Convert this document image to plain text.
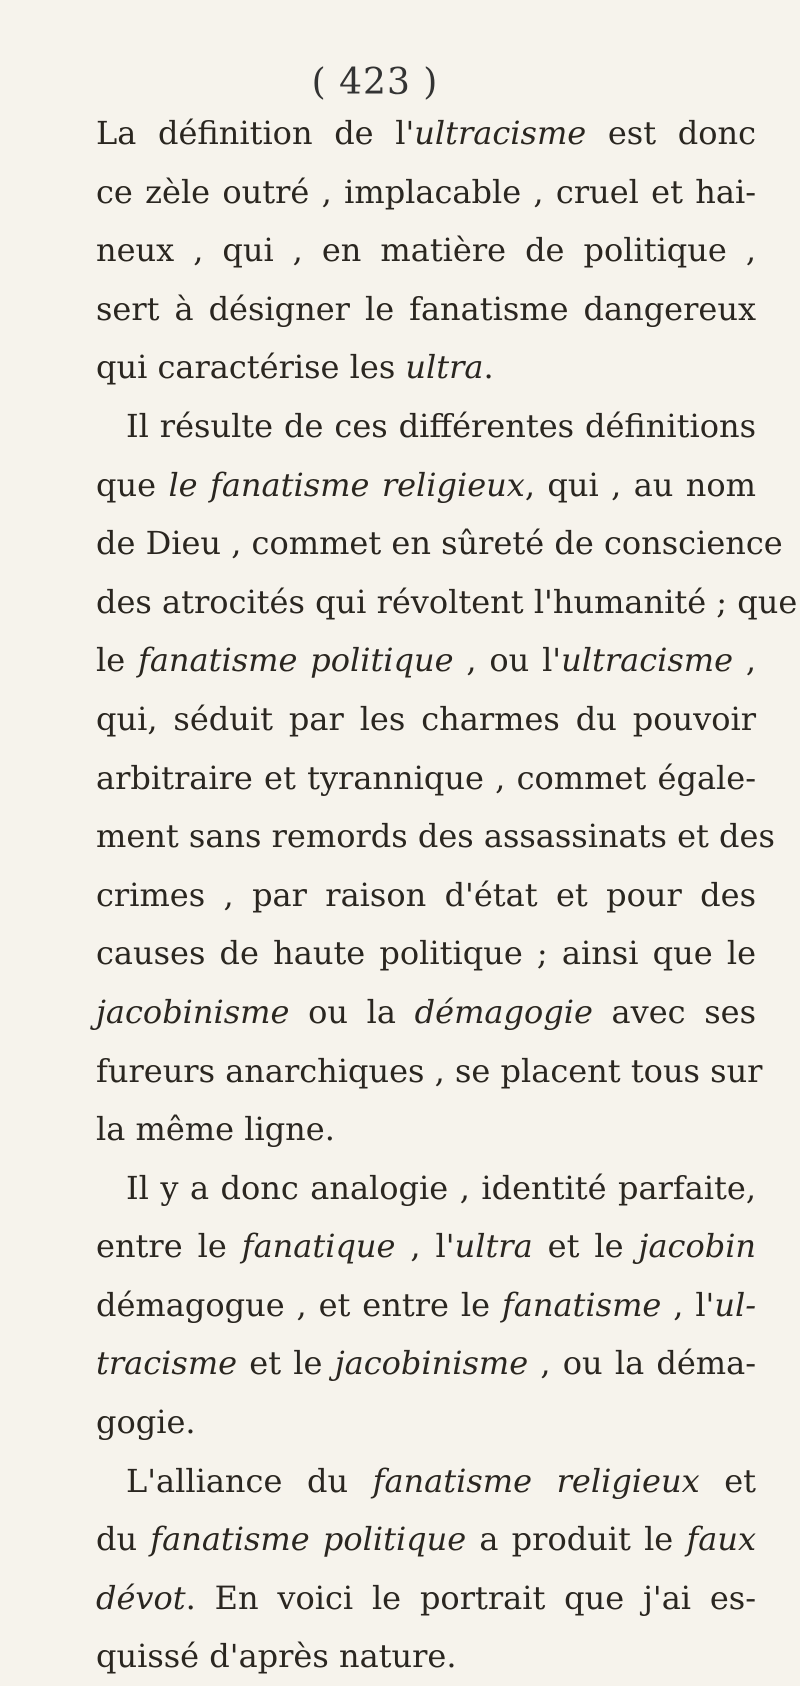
( 423 )
La définition de l'ultracisme est donc
ce zèle outré , implacable , cruel et hai-
neux , qui , en matière de politique ,
sert à désigner le fanatisme dangereux
qui caractérise les ultra.
Il résulte de ces différentes définitions
que le fanatisme religieux, qui , au nom
de Dieu , commet en sûreté de conscience
des atrocités qui révoltent l'humanité ; que
le fanatisme politique , ou l'ultracisme ,
qui, séduit par les charmes du pouvoir
arbitraire et tyrannique , commet égale-
ment sans remords des assassinats et des
crimes , par raison d'état et pour des
causes de haute politique ; ainsi que le
jacobinisme ou la démagogie avec ses
fureurs anarchiques , se placent tous sur
la même ligne.
Il y a donc analogie , identité parfaite,
entre le fanatique , l'ultra et le jacobin
démagogue , et entre le fanatisme , l'ul-
tracisme et le jacobinisme , ou la déma-
gogie.
L'alliance du fanatisme religieux et
du fanatisme politique a produit le faux
dévot. En voici le portrait que j'ai es-
quissé d'après nature.
